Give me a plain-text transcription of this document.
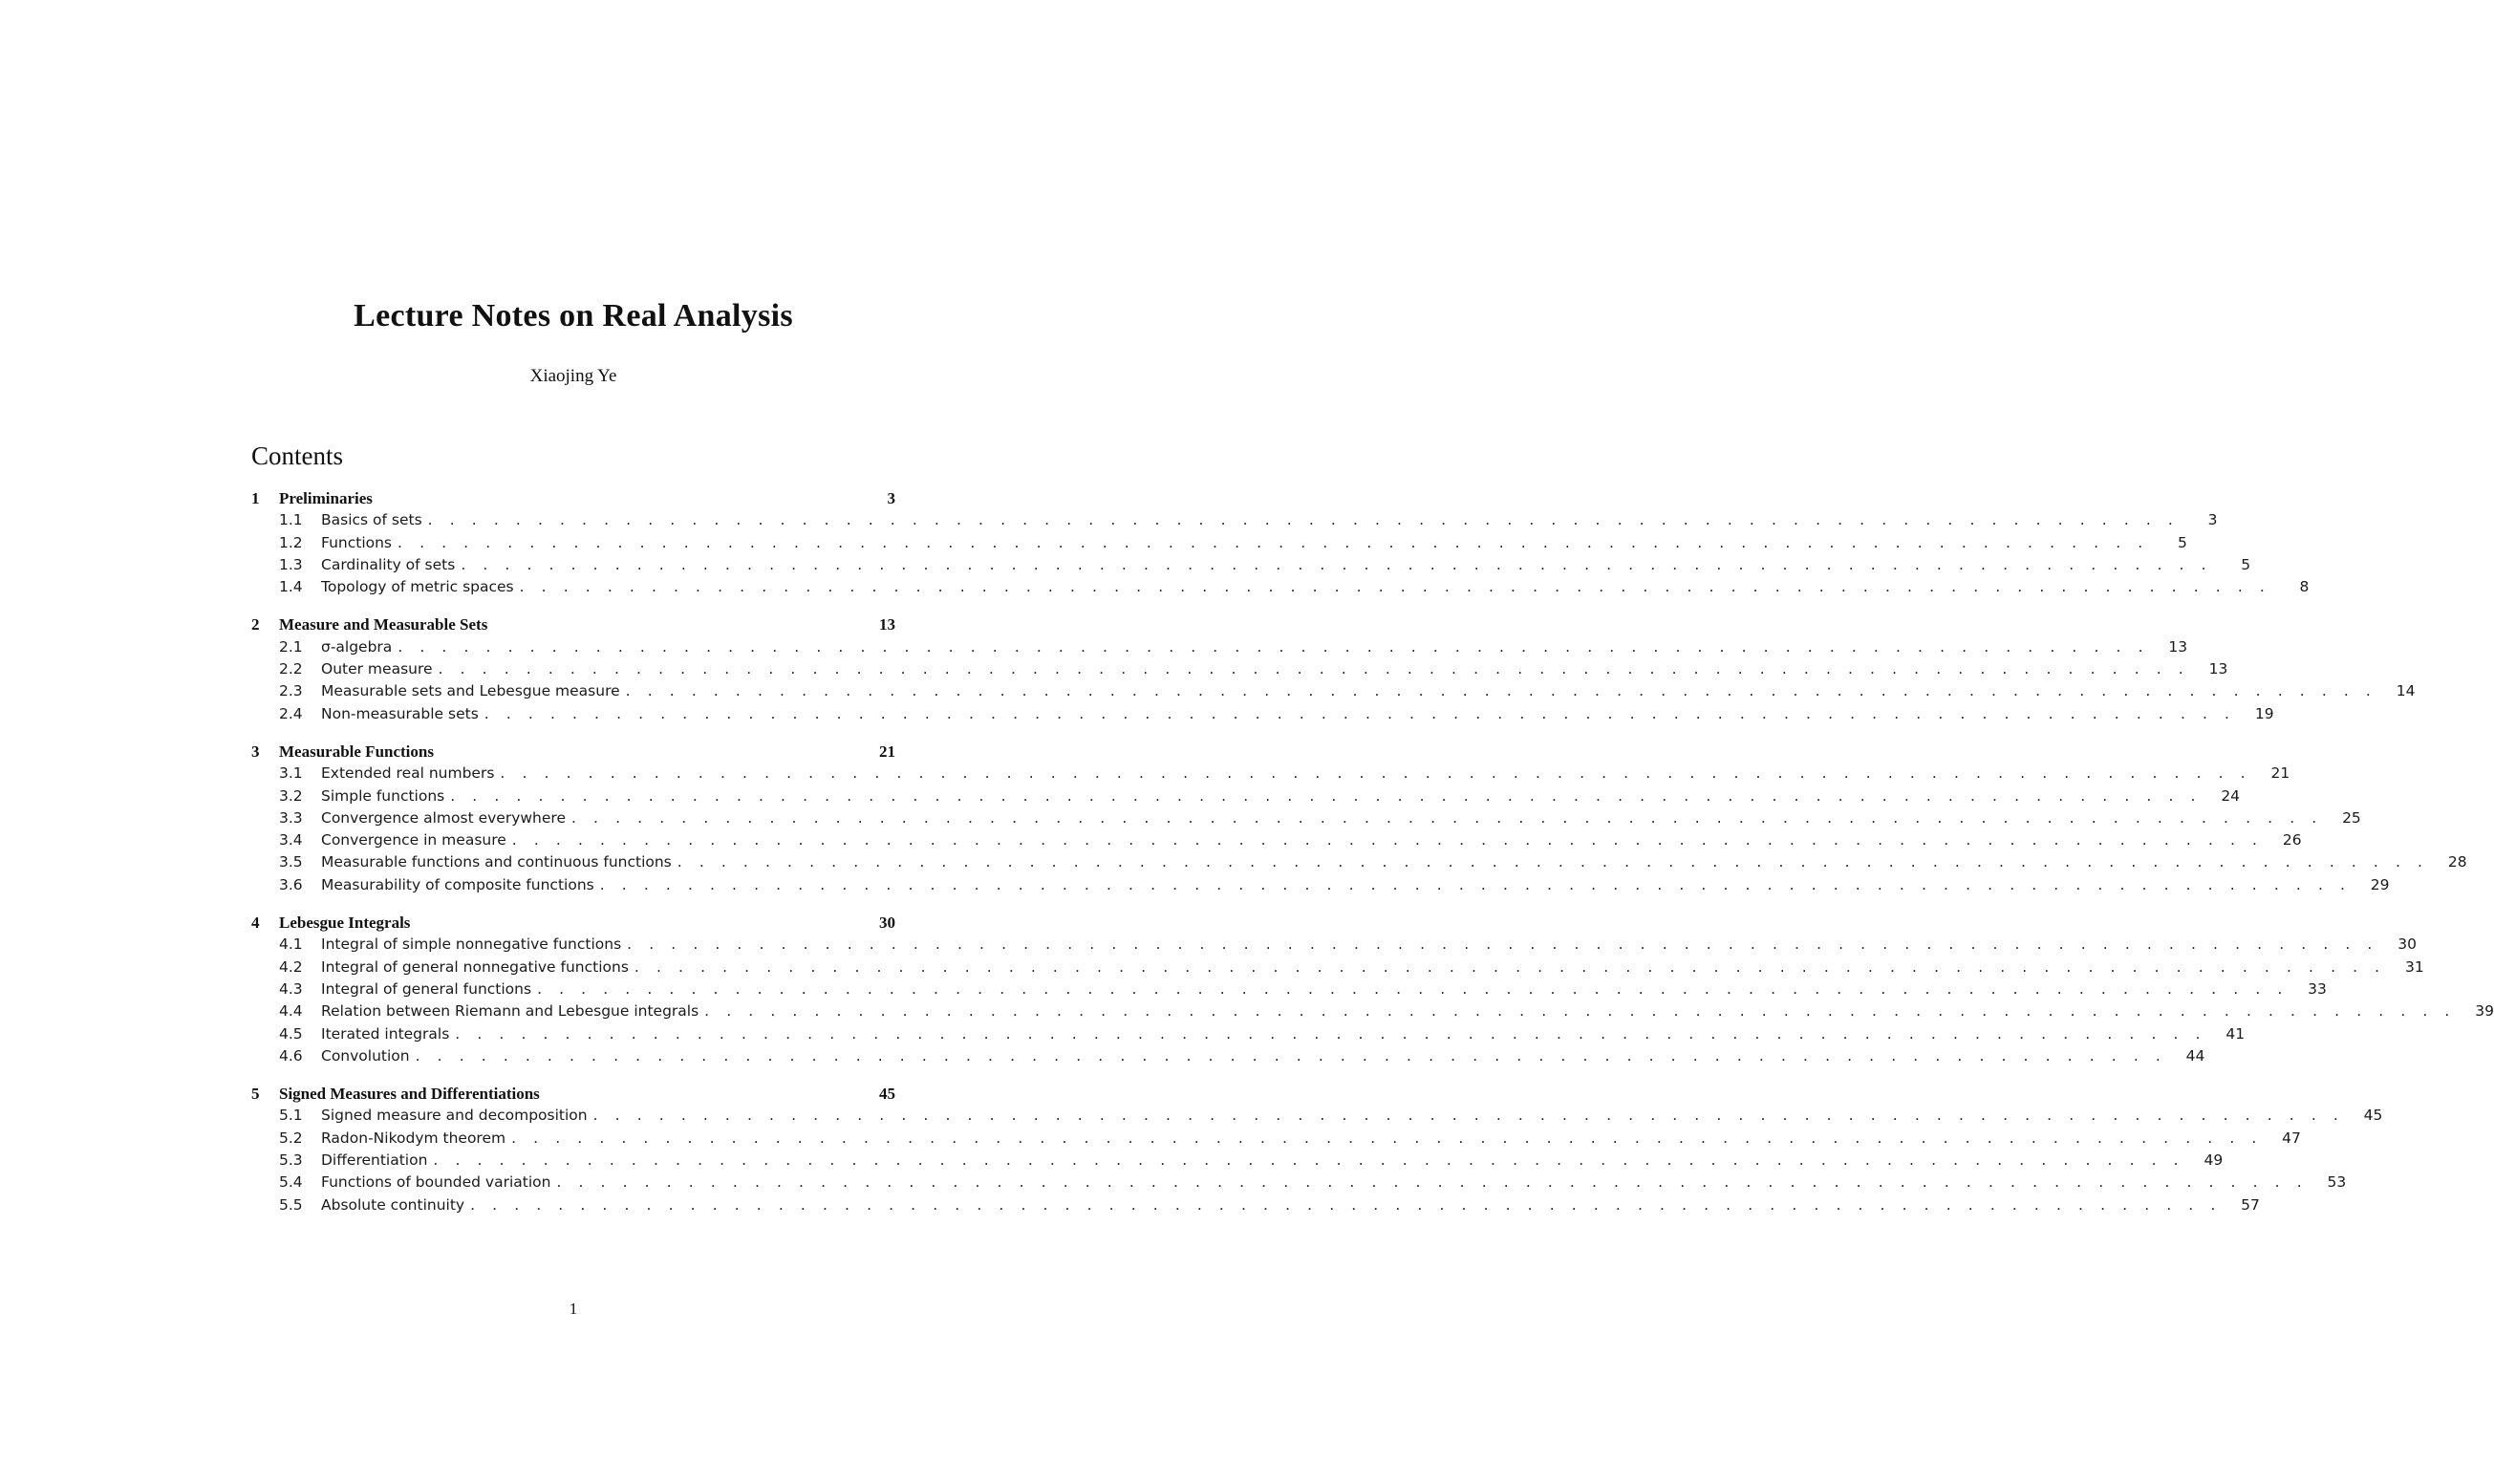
Lecture Notes on Real Analysis
Xiaojing Ye
Contents
1	Preliminaries	3
1.1	Basics of sets . . . . . . . . . . . . . . . . . . . . . . . . . . . . . . . . . . . . . . . . . . . . . . . . . . . . . . . . . . . . . . . . . . . . . . . . . . . . . . . .	3
1.2	Functions . . . . . . . . . . . . . . . . . . . . . . . . . . . . . . . . . . . . . . . . . . . . . . . . . . . . . . . . . . . . . . . . . . . . . . . . . . . . . . . .	5
1.3	Cardinality of sets . . . . . . . . . . . . . . . . . . . . . . . . . . . . . . . . . . . . . . . . . . . . . . . . . . . . . . . . . . . . . . . . . . . . . . . . . . . . . . . .	5
1.4	Topology of metric spaces . . . . . . . . . . . . . . . . . . . . . . . . . . . . . . . . . . . . . . . . . . . . . . . . . . . . . . . . . . . . . . . . . . . . . . . . . . . . . . . .	8
2	Measure and Measurable Sets	13
2.1	σ-algebra . . . . . . . . . . . . . . . . . . . . . . . . . . . . . . . . . . . . . . . . . . . . . . . . . . . . . . . . . . . . . . . . . . . . . . . . . . . . . . . .	13
2.2	Outer measure . . . . . . . . . . . . . . . . . . . . . . . . . . . . . . . . . . . . . . . . . . . . . . . . . . . . . . . . . . . . . . . . . . . . . . . . . . . . . . . .	13
2.3	Measurable sets and Lebesgue measure . . . . . . . . . . . . . . . . . . . . . . . . . . . . . . . . . . . . . . . . . . . . . . . . . . . . . . . . . . . . . . . . . . . . . . . . . . . . . . . .	14
2.4	Non-measurable sets . . . . . . . . . . . . . . . . . . . . . . . . . . . . . . . . . . . . . . . . . . . . . . . . . . . . . . . . . . . . . . . . . . . . . . . . . . . . . . . .	19
3	Measurable Functions	21
3.1	Extended real numbers . . . . . . . . . . . . . . . . . . . . . . . . . . . . . . . . . . . . . . . . . . . . . . . . . . . . . . . . . . . . . . . . . . . . . . . . . . . . . . . .	21
3.2	Simple functions . . . . . . . . . . . . . . . . . . . . . . . . . . . . . . . . . . . . . . . . . . . . . . . . . . . . . . . . . . . . . . . . . . . . . . . . . . . . . . . .	24
3.3	Convergence almost everywhere . . . . . . . . . . . . . . . . . . . . . . . . . . . . . . . . . . . . . . . . . . . . . . . . . . . . . . . . . . . . . . . . . . . . . . . . . . . . . . . .	25
3.4	Convergence in measure . . . . . . . . . . . . . . . . . . . . . . . . . . . . . . . . . . . . . . . . . . . . . . . . . . . . . . . . . . . . . . . . . . . . . . . . . . . . . . . .	26
3.5	Measurable functions and continuous functions . . . . . . . . . . . . . . . . . . . . . . . . . . . . . . . . . . . . . . . . . . . . . . . . . . . . . . . . . . . . . . . . . . . . . . . . . . . . . . . .	28
3.6	Measurability of composite functions . . . . . . . . . . . . . . . . . . . . . . . . . . . . . . . . . . . . . . . . . . . . . . . . . . . . . . . . . . . . . . . . . . . . . . . . . . . . . . . .	29
4	Lebesgue Integrals	30
4.1	Integral of simple nonnegative functions . . . . . . . . . . . . . . . . . . . . . . . . . . . . . . . . . . . . . . . . . . . . . . . . . . . . . . . . . . . . . . . . . . . . . . . . . . . . . . . .	30
4.2	Integral of general nonnegative functions . . . . . . . . . . . . . . . . . . . . . . . . . . . . . . . . . . . . . . . . . . . . . . . . . . . . . . . . . . . . . . . . . . . . . . . . . . . . . . . .	31
4.3	Integral of general functions . . . . . . . . . . . . . . . . . . . . . . . . . . . . . . . . . . . . . . . . . . . . . . . . . . . . . . . . . . . . . . . . . . . . . . . . . . . . . . . .	33
4.4	Relation between Riemann and Lebesgue integrals . . . . . . . . . . . . . . . . . . . . . . . . . . . . . . . . . . . . . . . . . . . . . . . . . . . . . . . . . . . . . . . . . . . . . . . . . . . . . . . .	39
4.5	Iterated integrals . . . . . . . . . . . . . . . . . . . . . . . . . . . . . . . . . . . . . . . . . . . . . . . . . . . . . . . . . . . . . . . . . . . . . . . . . . . . . . . .	41
4.6	Convolution . . . . . . . . . . . . . . . . . . . . . . . . . . . . . . . . . . . . . . . . . . . . . . . . . . . . . . . . . . . . . . . . . . . . . . . . . . . . . . . .	44
5	Signed Measures and Differentiations	45
5.1	Signed measure and decomposition . . . . . . . . . . . . . . . . . . . . . . . . . . . . . . . . . . . . . . . . . . . . . . . . . . . . . . . . . . . . . . . . . . . . . . . . . . . . . . . .	45
5.2	Radon-Nikodym theorem . . . . . . . . . . . . . . . . . . . . . . . . . . . . . . . . . . . . . . . . . . . . . . . . . . . . . . . . . . . . . . . . . . . . . . . . . . . . . . . .	47
5.3	Differentiation . . . . . . . . . . . . . . . . . . . . . . . . . . . . . . . . . . . . . . . . . . . . . . . . . . . . . . . . . . . . . . . . . . . . . . . . . . . . . . . .	49
5.4	Functions of bounded variation . . . . . . . . . . . . . . . . . . . . . . . . . . . . . . . . . . . . . . . . . . . . . . . . . . . . . . . . . . . . . . . . . . . . . . . . . . . . . . . .	53
5.5	Absolute continuity . . . . . . . . . . . . . . . . . . . . . . . . . . . . . . . . . . . . . . . . . . . . . . . . . . . . . . . . . . . . . . . . . . . . . . . . . . . . . . . .	57
1
